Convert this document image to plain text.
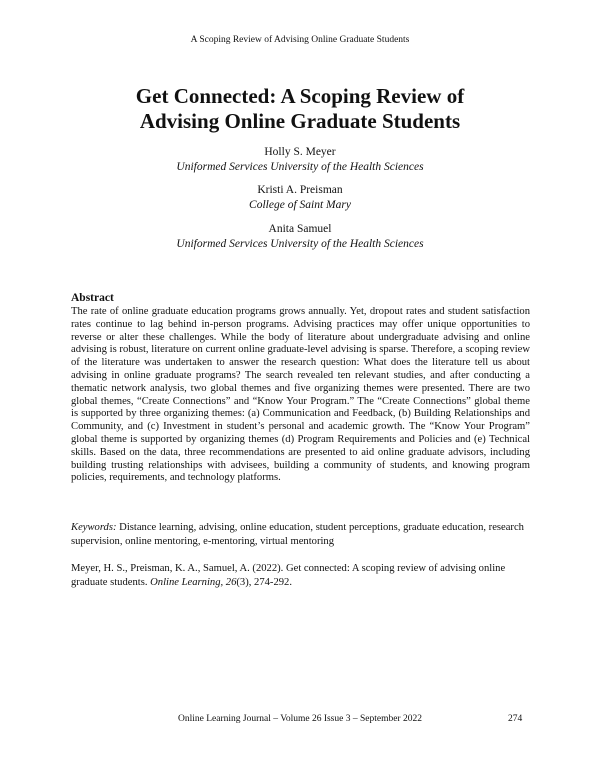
A Scoping Review of Advising Online Graduate Students
Get Connected: A Scoping Review of
Advising Online Graduate Students
Holly S. Meyer
Uniformed Services University of the Health Sciences
Kristi A. Preisman
College of Saint Mary
Anita Samuel
Uniformed Services University of the Health Sciences
Abstract

The rate of online graduate education programs grows annually. Yet, dropout rates and student satisfaction rates continue to lag behind in-person programs. Advising practices may offer unique opportunities to reverse or alter these challenges. While the body of literature about undergraduate advising and online advising is robust, literature on current online graduate-level advising is sparse. Therefore, a scoping review of the literature was undertaken to answer the research question: What does the literature tell us about advising in online graduate programs? The search revealed ten relevant studies, and after conducting a thematic network analysis, two global themes and five organizing themes were presented. There are two global themes, “Create Connections” and “Know Your Program.” The “Create Connections” global theme is supported by three organizing themes: (a) Communication and Feedback, (b) Building Relationships and Community, and (c) Investment in student’s personal and academic growth. The “Know Your Program” global theme is supported by organizing themes (d) Program Requirements and Policies and (e) Technical skills. Based on the data, three recommendations are presented to aid online graduate advisors, including building trusting relationships with advisees, building a community of students, and knowing program policies, requirements, and technology platforms.

Keywords: Distance learning, advising, online education, student perceptions, graduate education, research supervision, online mentoring, e-mentoring, virtual mentoring

Meyer, H. S., Preisman, K. A., Samuel, A. (2022). Get connected: A scoping review of advising online graduate students. Online Learning, 26(3), 274-292.

Online Learning Journal – Volume 26 Issue 3 – September 2022	274
